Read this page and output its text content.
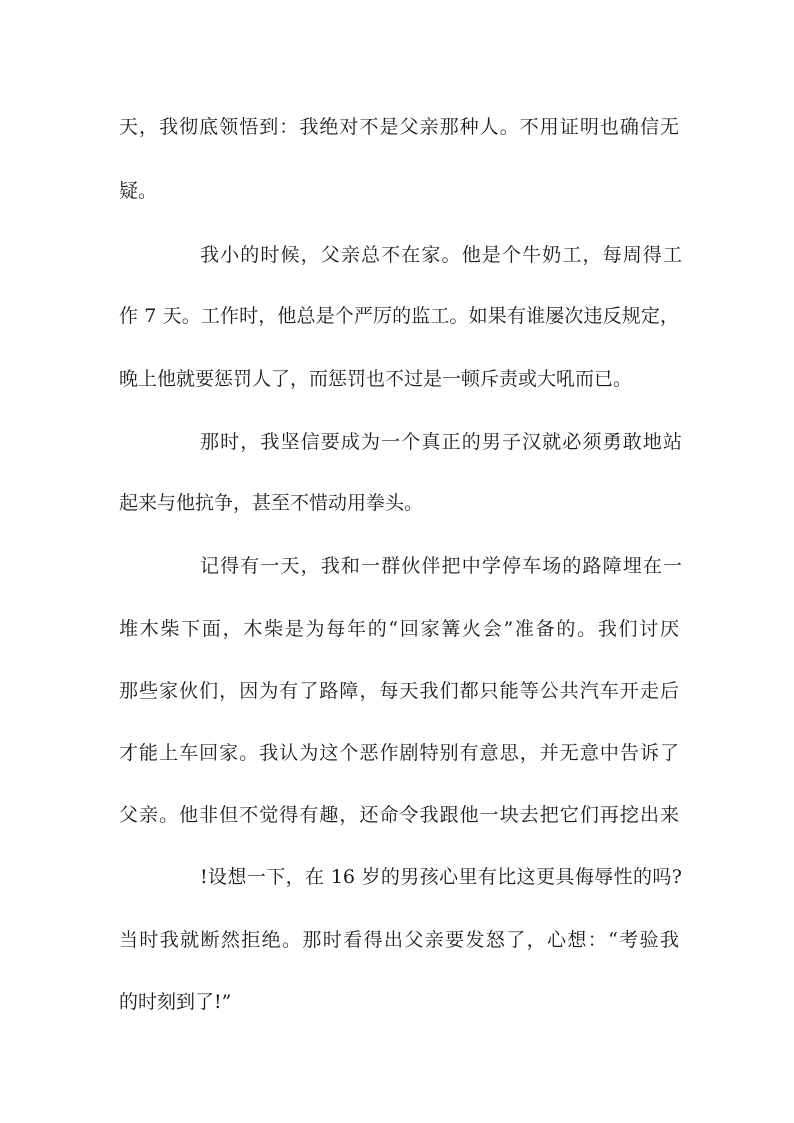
天，我彻底领悟到：我绝对不是父亲那种人。不用证明也确信无
疑。
我小的时候，父亲总不在家。他是个牛奶工，每周得工
作 7 天。工作时，他总是个严厉的监工。如果有谁屡次违反规定，
晚上他就要惩罚人了，而惩罚也不过是一顿斥责或大吼而已。
那时，我坚信要成为一个真正的男子汉就必须勇敢地站
起来与他抗争，甚至不惜动用拳头。
记得有一天，我和一群伙伴把中学停车场的路障埋在一
堆木柴下面，木柴是为每年的“回家篝火会”准备的。我们讨厌
那些家伙们，因为有了路障，每天我们都只能等公共汽车开走后
才能上车回家。我认为这个恶作剧特别有意思，并无意中告诉了
父亲。他非但不觉得有趣，还命令我跟他一块去把它们再挖出来
!设想一下，在 16 岁的男孩心里有比这更具侮辱性的吗?
当时我就断然拒绝。那时看得出父亲要发怒了，心想：“考验我
的时刻到了!”
